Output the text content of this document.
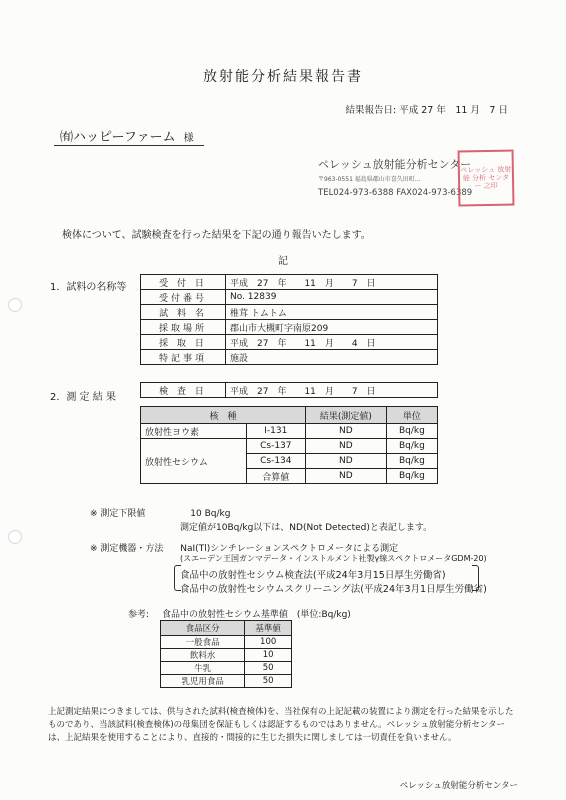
放射能分析結果報告書
結果報告日: 平成 27 年　11 月　7 日
㈲ハッピーファーム 様
ペレッシュ放射能分析センター
〒963-0551 福島県郡山市喜久田町…
TEL024-973-6388 FAX024-973-6389
ペレッシュ 放射能 分析 センター 之印
検体について、試験検査を行った結果を下記の通り報告いたします。
記
1．試料の名称等	受 付 日	平成　27　年　　11　月　　7　日
受付番号	No. 12839
試 料 名	椎茸 トムトム
採取場所	郡山市大槻町字南原209
採 取 日	平成　27　年　　11　月　　4　日
特記事項	施設
2．測 定 結 果
検 査 日	平成　27　年　　11　月　　7　日
核　種		結果(測定値)	単位
放射性ヨウ素	I-131	ND	Bq/kg
放射性セシウム	Cs-137	ND	Bq/kg
	Cs-134	ND	Bq/kg
	合算値	ND	Bq/kg
※ 測定下限値	10 Bq/kg
測定値が10Bq/kg以下は、ND(Not Detected)と表記します。
※ 測定機器・方法 NaI(Tl)シンチレーションスペクトロメータによる測定
(スエーデン王国ガンマデータ・インストルメント社製γ線スペクトロメータGDM-20)
食品中の放射性セシウム検査法(平成24年3月15日厚生労働省)
食品中の放射性セシウムスクリーニング法(平成24年3月1日厚生労働省)
参考: 食品中の放射性セシウム基準値　(単位:Bq/kg)
食品区分	基準値
一般食品	100
飲料水	10
牛乳	50
乳児用食品	50
上記測定結果につきましては、供与された試料(検査検体)を、当社保有の上記記載の装置により測定を行った結果を示したものであり、当該試料(検査検体)の母集団を保証もしくは認証するものではありません。ペレッシュ放射能分析センターは、上記結果を使用することにより、直接的・間接的に生じた損失に関しましては一切責任を負いません。
ペレッシュ放射能分析センター
